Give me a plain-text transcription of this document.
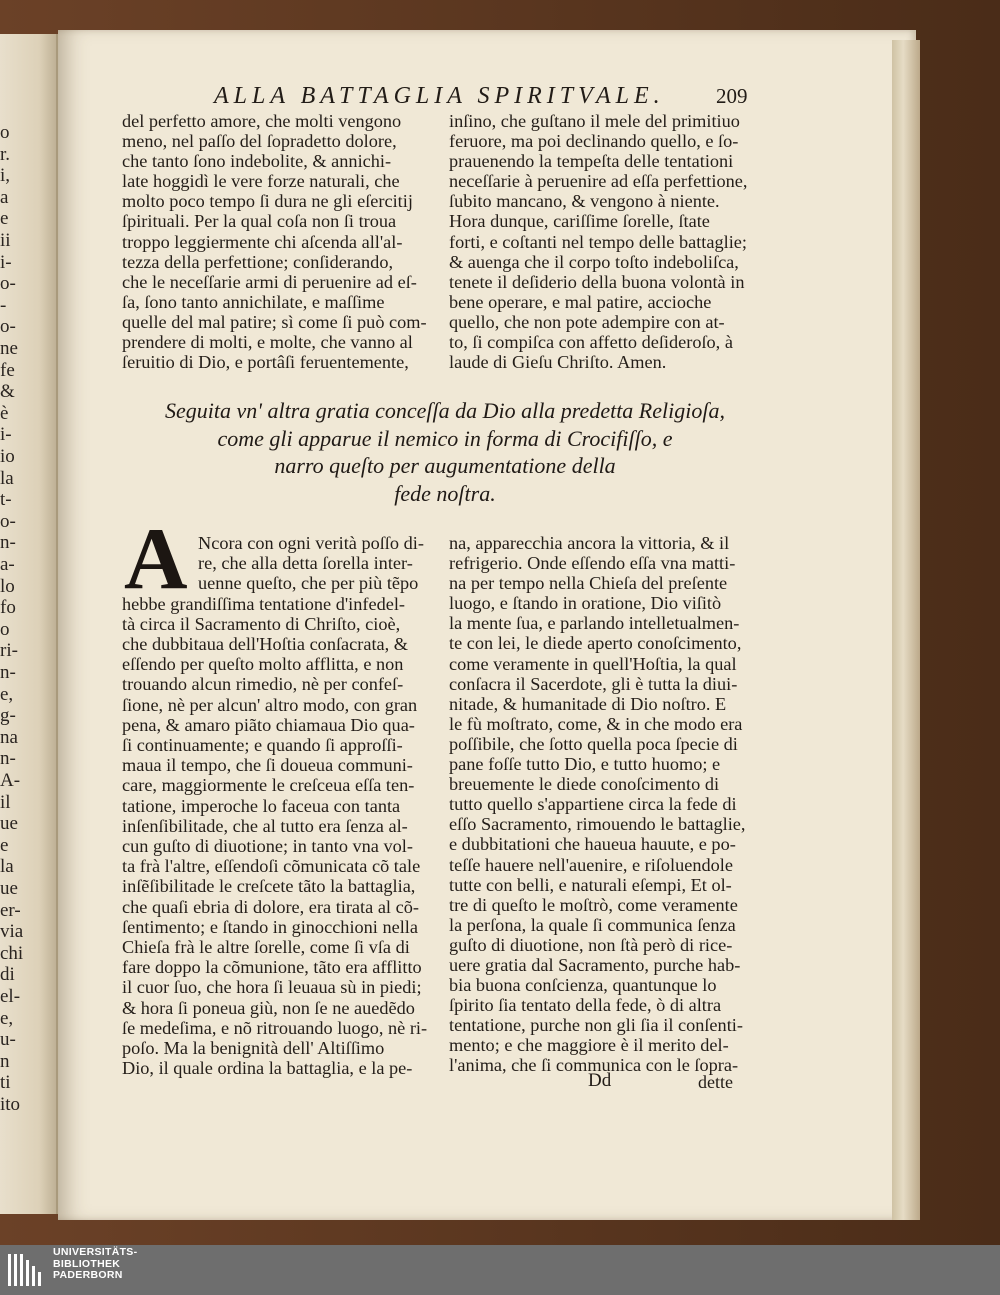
o
r.
i,
a
e
ii
i-
o-
-
o-
ne
fe
&
è
i-
io
la
t-
o-
n-
a-
lo
fo
o
ri-
n-
e,
g-
na
n-
A-
il
ue
e
la
ue
er-
via
chi
di
el-
e,
u-
n
ti
ito
ALLA BATTAGLIA SPIRITVALE. 209
del perfetto amore, che molti vengono
meno, nel paſſo del ſopradetto dolore,
che tanto ſono indebolite, & annichi-
late hoggidì le vere forze naturali, che
molto poco tempo ſi dura ne gli eſercitij
ſpirituali. Per la qual coſa non ſi troua
troppo leggiermente chi aſcenda all'al-
tezza della perfettione; conſiderando,
che le neceſſarie armi di peruenire ad eſ-
ſa, ſono tanto annichilate, e maſſime
quelle del mal patire; sì come ſi può com-
prendere di molti, e molte, che vanno al
ſeruitio di Dio, e portâſi feruentemente,
inſino, che guſtano il mele del primitiuo
feruore, ma poi declinando quello, e ſo-
prauenendo la tempeſta delle tentationi
neceſſarie à peruenire ad eſſa perfettione,
ſubito mancano, & vengono à niente.
Hora dunque, cariſſime ſorelle, ſtate
forti, e coſtanti nel tempo delle battaglie;
& auenga che il corpo toſto indeboliſca,
tenete il deſiderio della buona volontà in
bene operare, e mal patire, accioche
quello, che non pote adempire con at-
to, ſi compiſca con affetto deſideroſo, à
laude di Gieſu Chriſto. Amen.
Seguita vn' altra gratia conceſſa da Dio alla predetta Religioſa,
come gli apparue il nemico in forma di Crocifiſſo, e
narro queſto per augumentatione della
fede noſtra.
A Ncora con ogni verità poſſo di-
re, che alla detta ſorella inter-
uenne queſto, che per più tẽpo
hebbe grandiſſima tentatione d'infedel-
tà circa il Sacramento di Chriſto, cioè,
che dubbitaua dell'Hoſtia conſacrata, &
eſſendo per queſto molto afflitta, e non
trouando alcun rimedio, nè per confeſ-
ſione, nè per alcun' altro modo, con gran
pena, & amaro piãto chiamaua Dio qua-
ſi continuamente; e quando ſi approſſi-
maua il tempo, che ſi doueua communi-
care, maggiormente le creſceua eſſa ten-
tatione, imperoche lo faceua con tanta
inſenſibilitade, che al tutto era ſenza al-
cun guſto di diuotione; in tanto vna vol-
ta frà l'altre, eſſendoſi cõmunicata cõ tale
inſẽſibilitade le creſcete tãto la battaglia,
che quaſi ebria di dolore, era tirata al cõ-
ſentimento; e ſtando in ginocchioni nella
Chieſa frà le altre ſorelle, come ſi vſa di
fare doppo la cõmunione, tãto era afflitto
il cuor ſuo, che hora ſi leuaua sù in piedi;
& hora ſi poneua giù, non ſe ne auedẽdo
ſe medeſima, e nõ ritrouando luogo, nè ri-
poſo. Ma la benignità dell' Altiſſimo
Dio, il quale ordina la battaglia, e la pe-
na, apparecchia ancora la vittoria, & il
refrigerio. Onde eſſendo eſſa vna matti-
na per tempo nella Chieſa del preſente
luogo, e ſtando in oratione, Dio viſitò
la mente ſua, e parlando intelletualmen-
te con lei, le diede aperto conoſcimento,
come veramente in quell'Hoſtia, la qual
conſacra il Sacerdote, gli è tutta la diui-
nitade, & humanitade di Dio noſtro. E
le fù moſtrato, come, & in che modo era
poſſibile, che ſotto quella poca ſpecie di
pane foſſe tutto Dio, e tutto huomo; e
breuemente le diede conoſcimento di
tutto quello s'appartiene circa la fede di
eſſo Sacramento, rimouendo le battaglie,
e dubbitationi che haueua hauute, e po-
teſſe hauere nell'auenire, e riſoluendole
tutte con belli, e naturali eſempi, Et ol-
tre di queſto le moſtrò, come veramente
la perſona, la quale ſi communica ſenza
guſto di diuotione, non ſtà però di rice-
uere gratia dal Sacramento, purche hab-
bia buona conſcienza, quantunque lo
ſpirito ſia tentato della fede, ò di altra
tentatione, purche non gli ſia il conſenti-
mento; e che maggiore è il merito del-
l'anima, che ſi communica con le ſopra-
Dd	dette
UNIVERSITÄTS-
BIBLIOTHEK
PADERBORN
